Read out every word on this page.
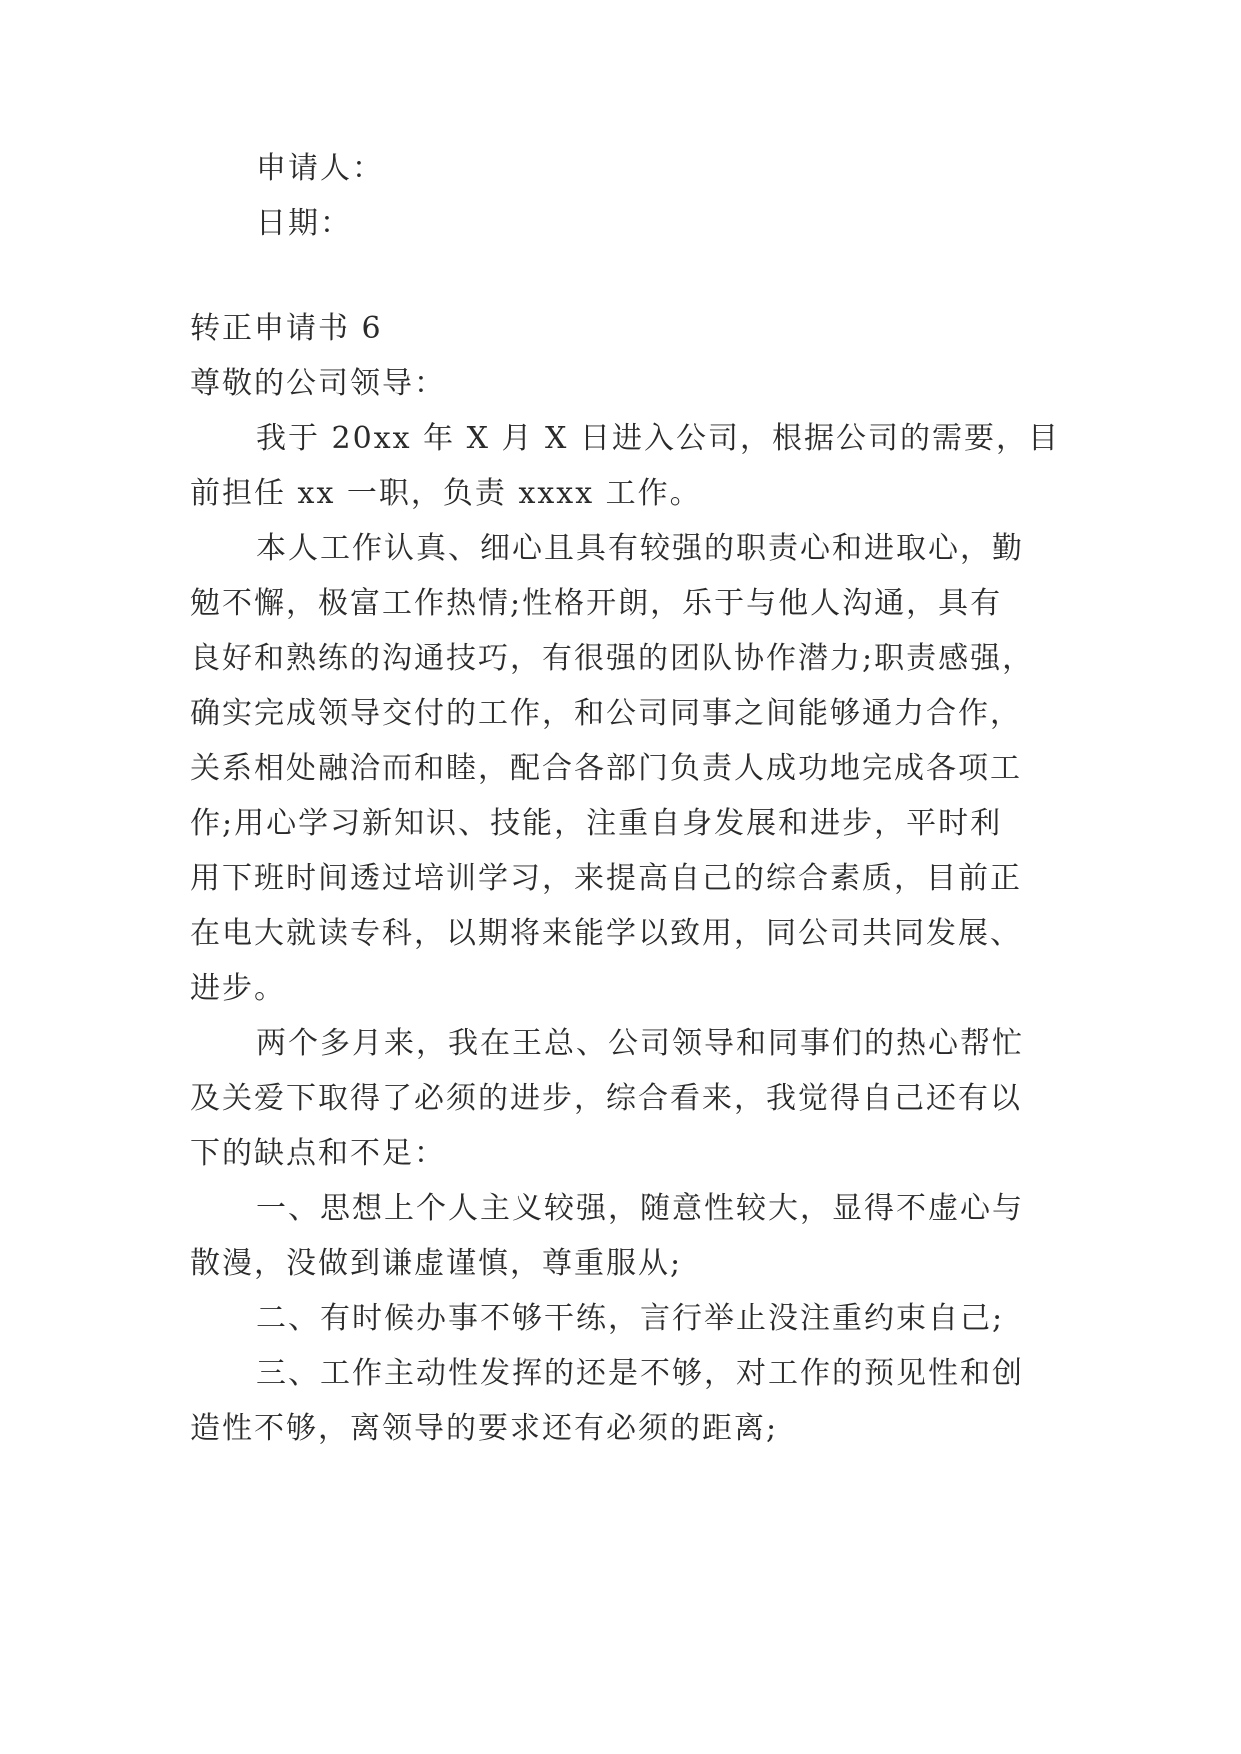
申请人：
日期：
转正申请书 6
尊敬的公司领导：
我于 20xx 年 X 月 X 日进入公司，根据公司的需要，目
前担任 xx 一职，负责 xxxx 工作。
本人工作认真、细心且具有较强的职责心和进取心，勤
勉不懈，极富工作热情;性格开朗，乐于与他人沟通，具有
良好和熟练的沟通技巧，有很强的团队协作潜力;职责感强，
确实完成领导交付的工作，和公司同事之间能够通力合作，
关系相处融洽而和睦，配合各部门负责人成功地完成各项工
作;用心学习新知识、技能，注重自身发展和进步，平时利
用下班时间透过培训学习，来提高自己的综合素质，目前正
在电大就读专科，以期将来能学以致用，同公司共同发展、
进步。
两个多月来，我在王总、公司领导和同事们的热心帮忙
及关爱下取得了必须的进步，综合看来，我觉得自己还有以
下的缺点和不足：
一、思想上个人主义较强，随意性较大，显得不虚心与
散漫，没做到谦虚谨慎，尊重服从;
二、有时候办事不够干练，言行举止没注重约束自己;
三、工作主动性发挥的还是不够，对工作的预见性和创
造性不够，离领导的要求还有必须的距离;
